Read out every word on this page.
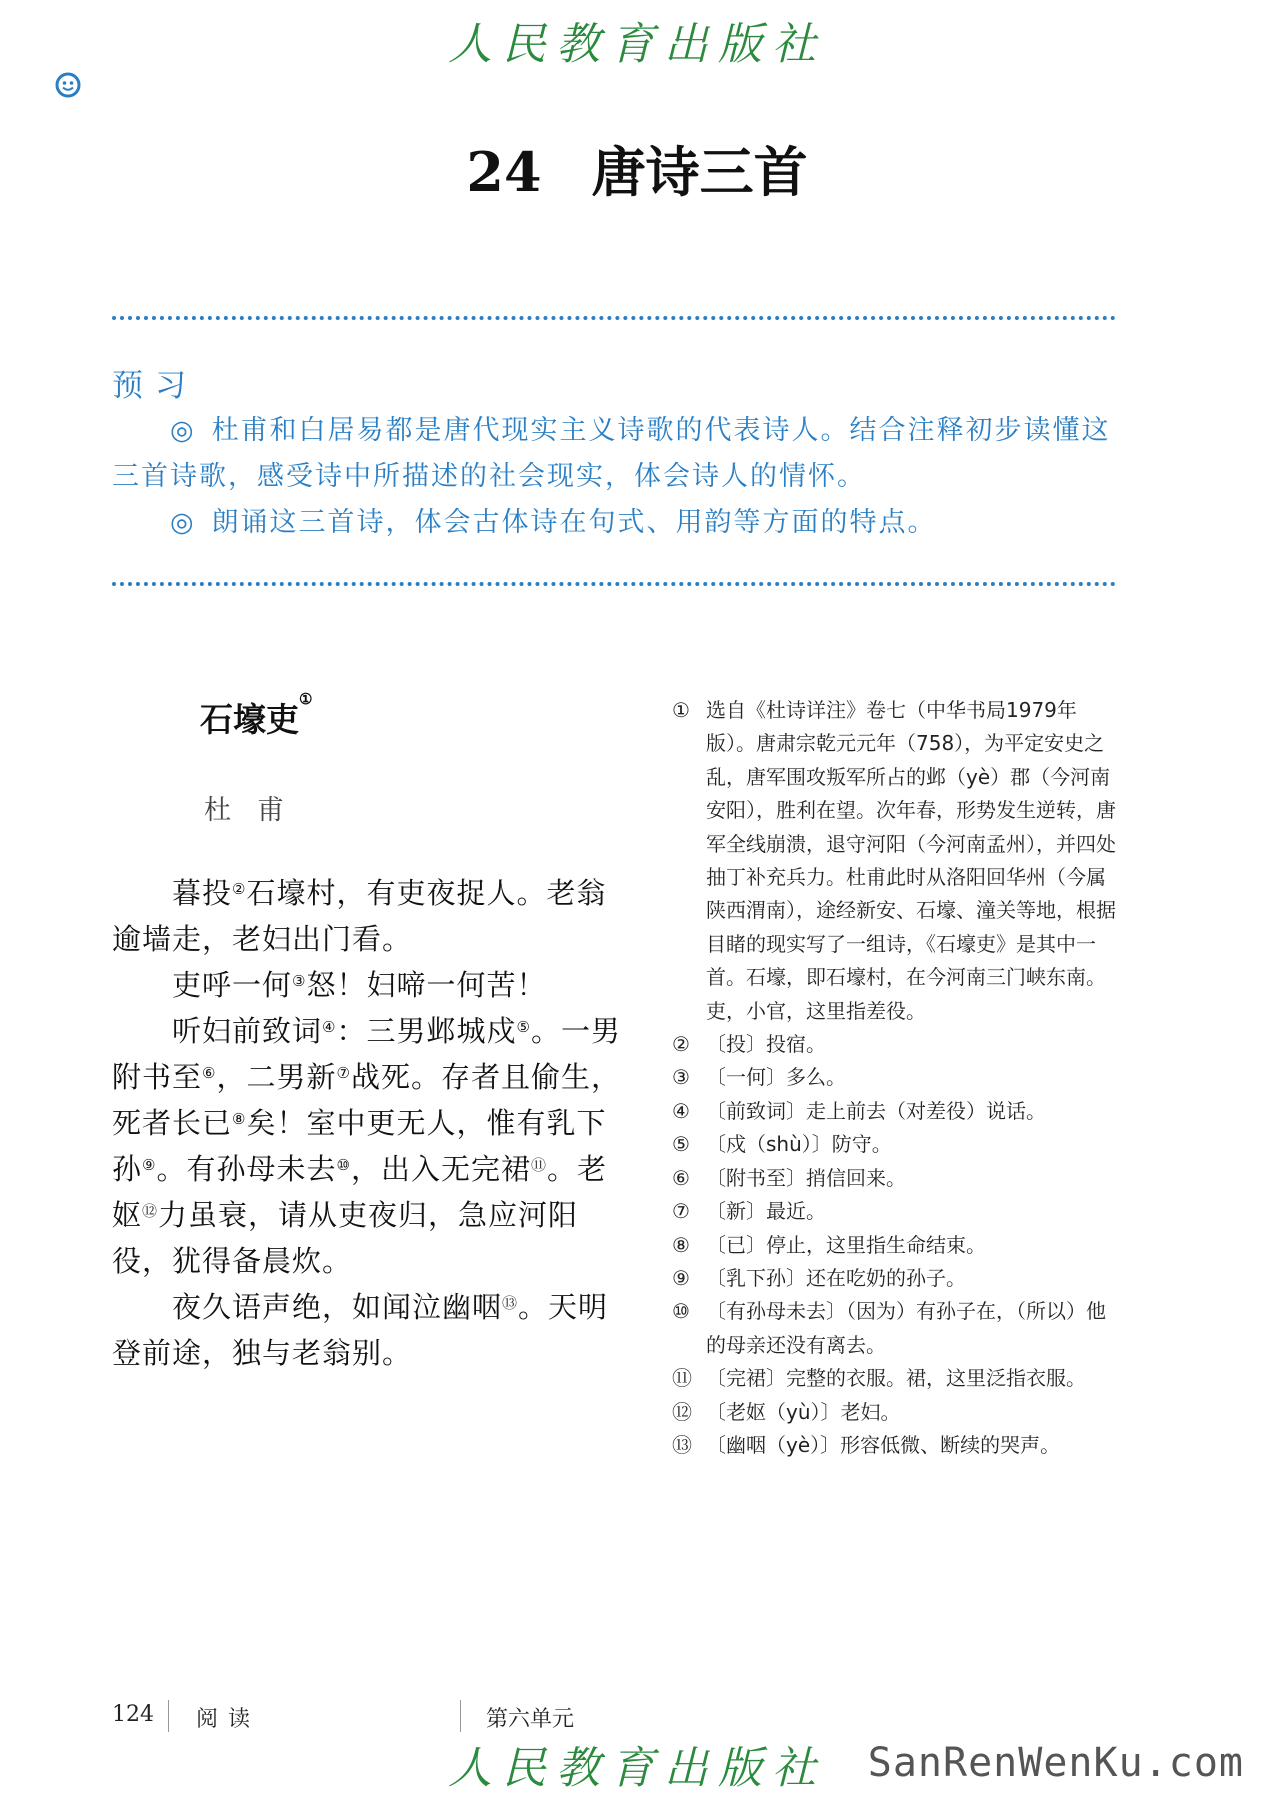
人民教育出版社
24 唐诗三首
预习
◎ 杜甫和白居易都是唐代现实主义诗歌的代表诗人。结合注释初步读懂这三首诗歌，感受诗中所描述的社会现实，体会诗人的情怀。
◎ 朗诵这三首诗，体会古体诗在句式、用韵等方面的特点。
石壕吏①
杜甫

暮投②石壕村，有吏夜捉人。老翁逾墙走，老妇出门看。

吏呼一何③怒！妇啼一何苦！

听妇前致词④：三男邺城戍⑤。一男附书至⑥，二男新⑦战死。存者且偷生，死者长已⑧矣！室中更无人，惟有乳下孙⑨。有孙母未去⑩，出入无完裙⑪。老妪⑫力虽衰，请从吏夜归，急应河阳役，犹得备晨炊。

夜久语声绝，如闻泣幽咽⑬。天明登前途，独与老翁别。

① 选自《杜诗详注》卷七（中华书局1979年版）。唐肃宗乾元元年（758），为平定安史之乱，唐军围攻叛军所占的邺（yè）郡（今河南安阳），胜利在望。次年春，形势发生逆转，唐军全线崩溃，退守河阳（今河南孟州），并四处抽丁补充兵力。杜甫此时从洛阳回华州（今属陕西渭南），途经新安、石壕、潼关等地，根据目睹的现实写了一组诗，《石壕吏》是其中一首。石壕，即石壕村，在今河南三门峡东南。吏，小官，这里指差役。
② 〔投〕投宿。
③ 〔一何〕多么。
④ 〔前致词〕走上前去（对差役）说话。
⑤ 〔戍（shù）〕防守。
⑥ 〔附书至〕捎信回来。
⑦ 〔新〕最近。
⑧ 〔已〕停止，这里指生命结束。
⑨ 〔乳下孙〕还在吃奶的孙子。
⑩ 〔有孙母未去〕（因为）有孙子在，（所以）他的母亲还没有离去。
⑪ 〔完裙〕完整的衣服。裙，这里泛指衣服。
⑫ 〔老妪（yù）〕老妇。
⑬ 〔幽咽（yè）〕形容低微、断续的哭声。
124 阅读	第六单元
人民教育出版社	SanRenWenKu.com
